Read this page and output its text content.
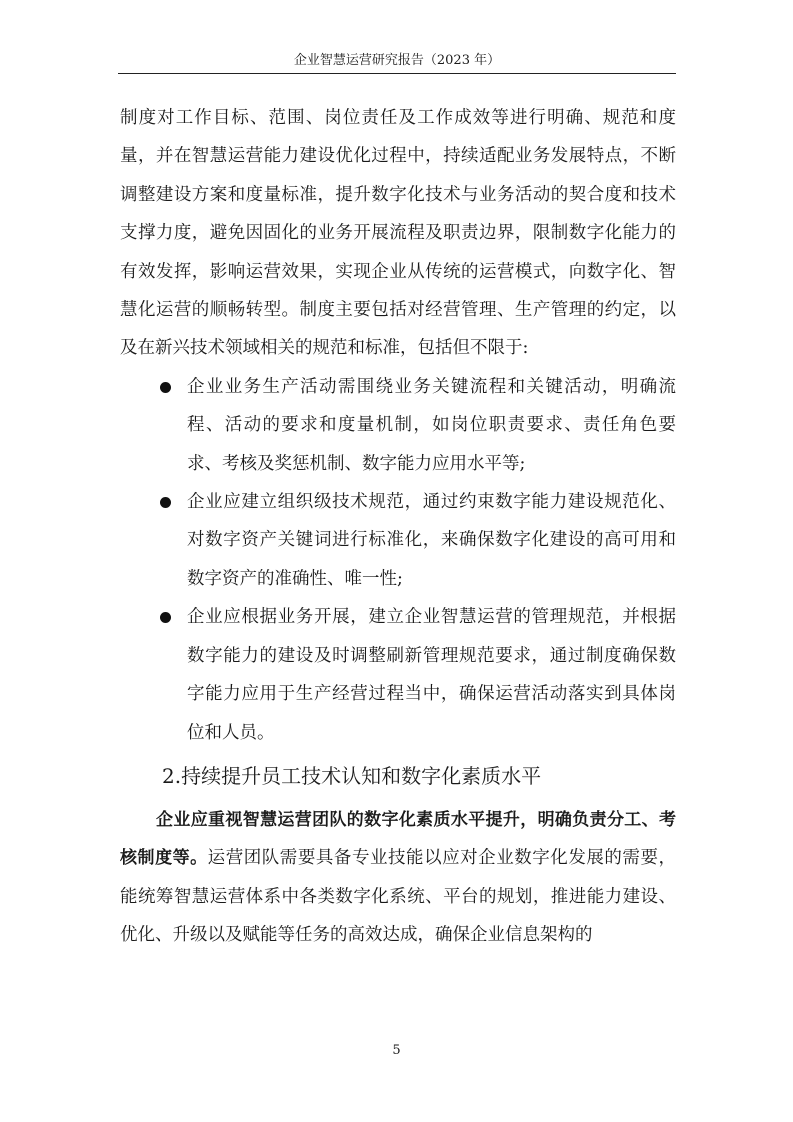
企业智慧运营研究报告（2023 年）

制度对工作目标、范围、岗位责任及工作成效等进行明确、规范和度量，并在智慧运营能力建设优化过程中，持续适配业务发展特点，不断调整建设方案和度量标准，提升数字化技术与业务活动的契合度和技术支撑力度，避免因固化的业务开展流程及职责边界，限制数字化能力的有效发挥，影响运营效果，实现企业从传统的运营模式，向数字化、智慧化运营的顺畅转型。制度主要包括对经营管理、生产管理的约定，以及在新兴技术领域相关的规范和标准，包括但不限于:

企业业务生产活动需围绕业务关键流程和关键活动，明确流程、活动的要求和度量机制，如岗位职责要求、责任角色要求、考核及奖惩机制、数字能力应用水平等;
企业应建立组织级技术规范，通过约束数字能力建设规范化、对数字资产关键词进行标准化，来确保数字化建设的高可用和数字资产的准确性、唯一性;
企业应根据业务开展，建立企业智慧运营的管理规范，并根据数字能力的建设及时调整刷新管理规范要求，通过制度确保数字能力应用于生产经营过程当中，确保运营活动落实到具体岗位和人员。
2.持续提升员工技术认知和数字化素质水平

企业应重视智慧运营团队的数字化素质水平提升，明确负责分工、考核制度等。运营团队需要具备专业技能以应对企业数字化发展的需要，能统筹智慧运营体系中各类数字化系统、平台的规划，推进能力建设、优化、升级以及赋能等任务的高效达成，确保企业信息架构的

5
